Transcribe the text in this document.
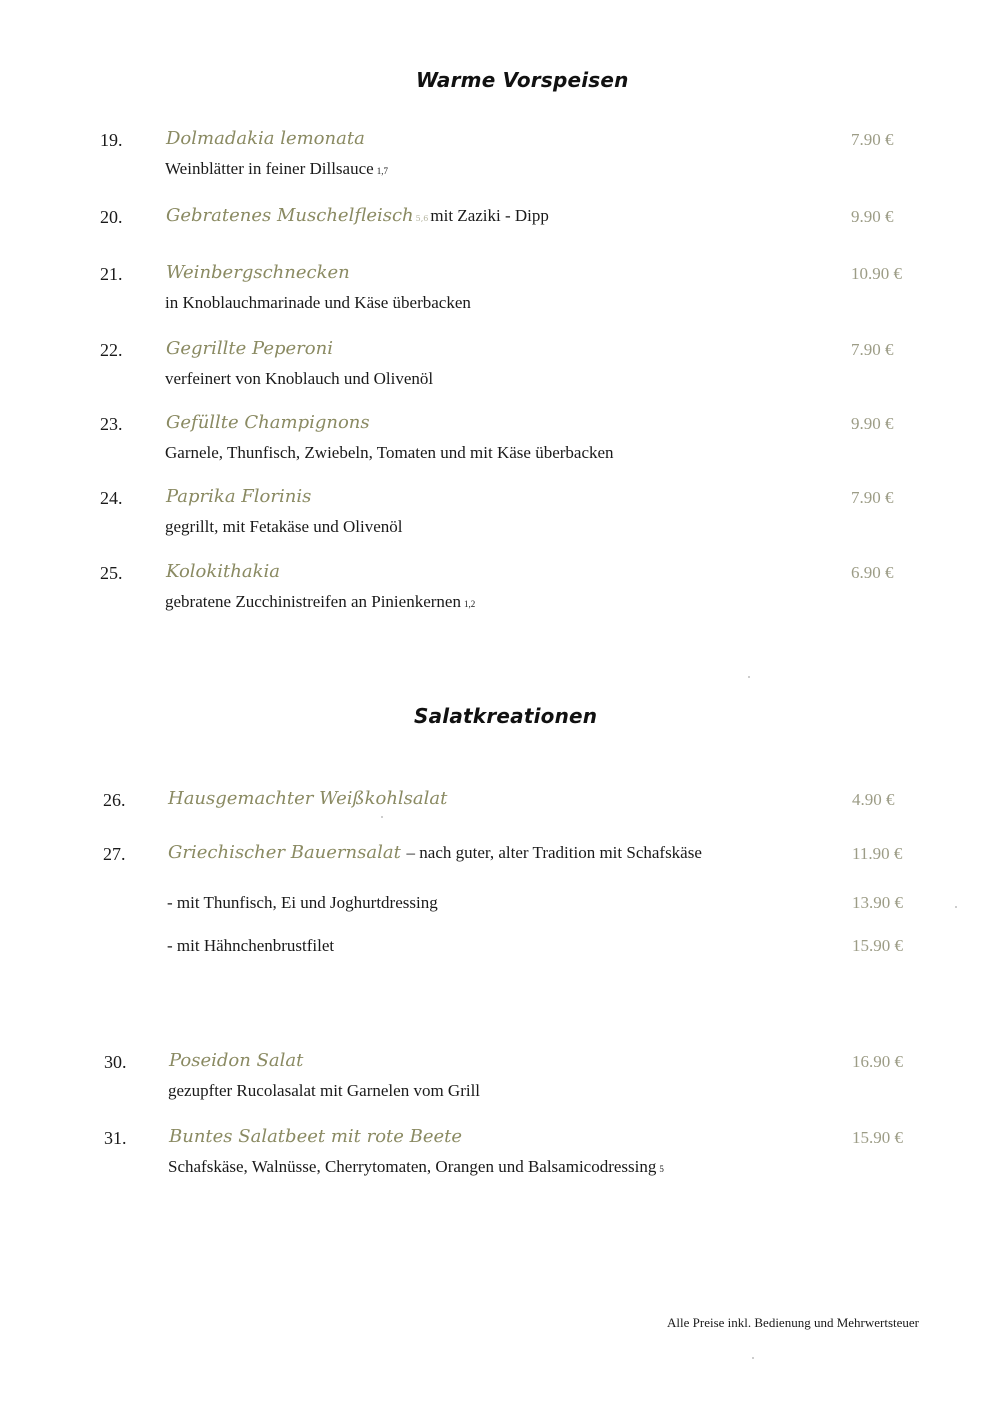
Warme Vorspeisen
19. Dolmadakia lemonata	7.90 €
Weinblätter in feiner Dillsauce 1,7
20. Gebratenes Muschelfleisch 5,6 mit Zaziki - Dipp	9.90 €
21. Weinbergschnecken	10.90 €
in Knoblauchmarinade und Käse überbacken
22. Gegrillte Peperoni	7.90 €
verfeinert von Knoblauch und Olivenöl
23. Gefüllte Champignons	9.90 €
Garnele, Thunfisch, Zwiebeln, Tomaten und mit Käse überbacken
24. Paprika Florinis	7.90 €
gegrillt, mit Fetakäse und Olivenöl
25. Kolokithakia	6.90 €
gebratene Zucchinistreifen an Pinienkernen 1,2
Salatkreationen
26. Hausgemachter Weißkohlsalat	4.90 €
27. Griechischer Bauernsalat – nach guter, alter Tradition mit Schafskäse	11.90 €
- mit Thunfisch, Ei und Joghurtdressing	13.90 €
- mit Hähnchenbrustfilet	15.90 €
30. Poseidon Salat	16.90 €
gezupfter Rucolasalat mit Garnelen vom Grill
31. Buntes Salatbeet mit rote Beete	15.90 €
Schafskäse, Walnüsse, Cherrytomaten, Orangen und Balsamicodressing 5
Alle Preise inkl. Bedienung und Mehrwertsteuer
